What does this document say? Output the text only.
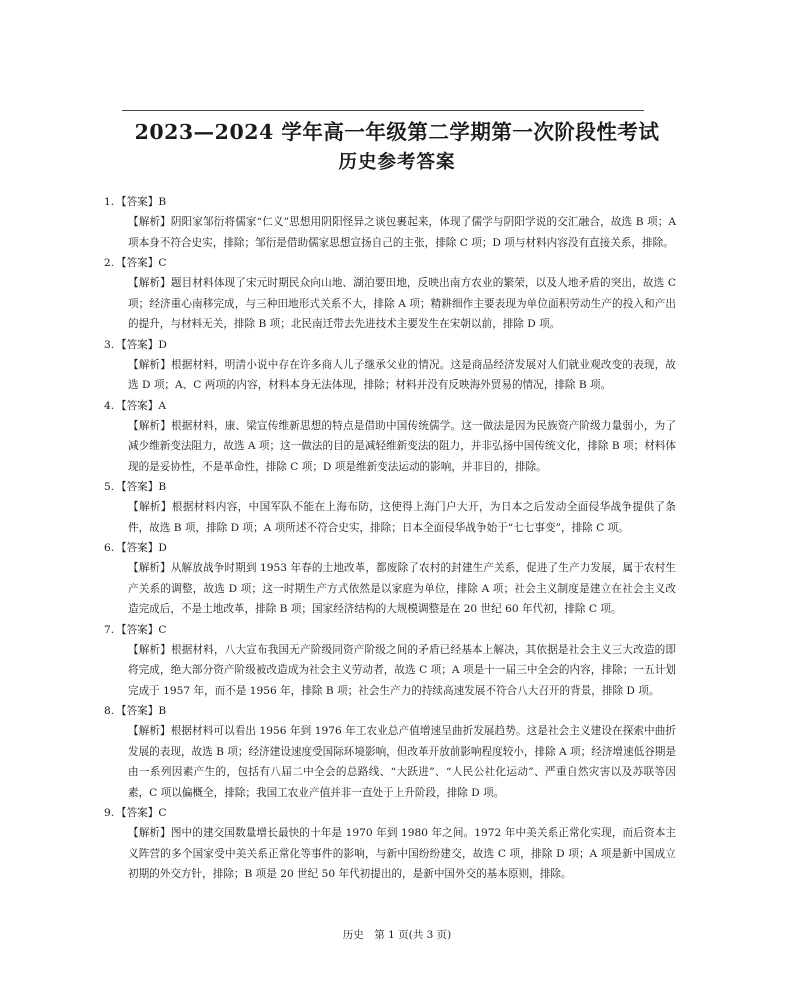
2023—2024 学年高一年级第二学期第一次阶段性考试
历史参考答案
1. 【答案】B
【解析】阴阳家邹衍将儒家“仁义”思想用阴阳怪异之谈包裹起来，体现了儒学与阴阳学说的交汇融合，故选 B 项；A 项本身不符合史实，排除；邹衍是借助儒家思想宣扬自己的主张，排除 C 项；D 项与材料内容没有直接关系，排除。
2. 【答案】C
【解析】题目材料体现了宋元时期民众向山地、湖泊要田地，反映出南方农业的繁荣，以及人地矛盾的突出，故选 C 项；经济重心南移完成，与三种田地形式关系不大，排除 A 项；精耕细作主要表现为单位面积劳动生产的投入和产出的提升，与材料无关，排除 B 项；北民南迁带去先进技术主要发生在宋朝以前，排除 D 项。
3. 【答案】D
【解析】根据材料，明清小说中存在许多商人儿子继承父业的情况。这是商品经济发展对人们就业观改变的表现，故选 D 项；A、C 两项的内容，材料本身无法体现，排除；材料并没有反映海外贸易的情况，排除 B 项。
4. 【答案】A
【解析】根据材料，康、梁宣传维新思想的特点是借助中国传统儒学。这一做法是因为民族资产阶级力量弱小，为了减少维新变法阻力，故选 A 项；这一做法的目的是减轻维新变法的阻力，并非弘扬中国传统文化，排除 B 项；材料体现的是妥协性，不是革命性，排除 C 项；D 项是维新变法运动的影响，并非目的，排除。
5. 【答案】B
【解析】根据材料内容，中国军队不能在上海布防，这使得上海门户大开，为日本之后发动全面侵华战争提供了条件，故选 B 项，排除 D 项；A 项所述不符合史实，排除；日本全面侵华战争始于“七七事变”，排除 C 项。
6. 【答案】D
【解析】从解放战争时期到 1953 年春的土地改革，都废除了农村的封建生产关系，促进了生产力发展，属于农村生产关系的调整，故选 D 项；这一时期生产方式依然是以家庭为单位，排除 A 项；社会主义制度是建立在社会主义改造完成后，不是土地改革，排除 B 项；国家经济结构的大规模调整是在 20 世纪 60 年代初，排除 C 项。
7. 【答案】C
【解析】根据材料，八大宣布我国无产阶级同资产阶级之间的矛盾已经基本上解决，其依据是社会主义三大改造的即将完成，绝大部分资产阶级被改造成为社会主义劳动者，故选 C 项；A 项是十一届三中全会的内容，排除；一五计划完成于 1957 年，而不是 1956 年，排除 B 项；社会生产力的持续高速发展不符合八大召开的背景，排除 D 项。
8. 【答案】B
【解析】根据材料可以看出 1956 年到 1976 年工农业总产值增速呈曲折发展趋势。这是社会主义建设在探索中曲折发展的表现，故选 B 项；经济建设速度受国际环境影响，但改革开放前影响程度较小，排除 A 项；经济增速低谷期是由一系列因素产生的，包括有八届二中全会的总路线、“大跃进”、“人民公社化运动”、严重自然灾害以及苏联等因素，C 项以偏概全，排除；我国工农业产值并非一直处于上升阶段，排除 D 项。
9. 【答案】C
【解析】图中的建交国数量增长最快的十年是 1970 年到 1980 年之间。1972 年中美关系正常化实现，而后资本主义阵营的多个国家受中美关系正常化等事件的影响，与新中国纷纷建交，故选 C 项，排除 D 项；A 项是新中国成立初期的外交方针，排除；B 项是 20 世纪 50 年代初提出的，是新中国外交的基本原则，排除。
历史　第 1 页(共 3 页)
